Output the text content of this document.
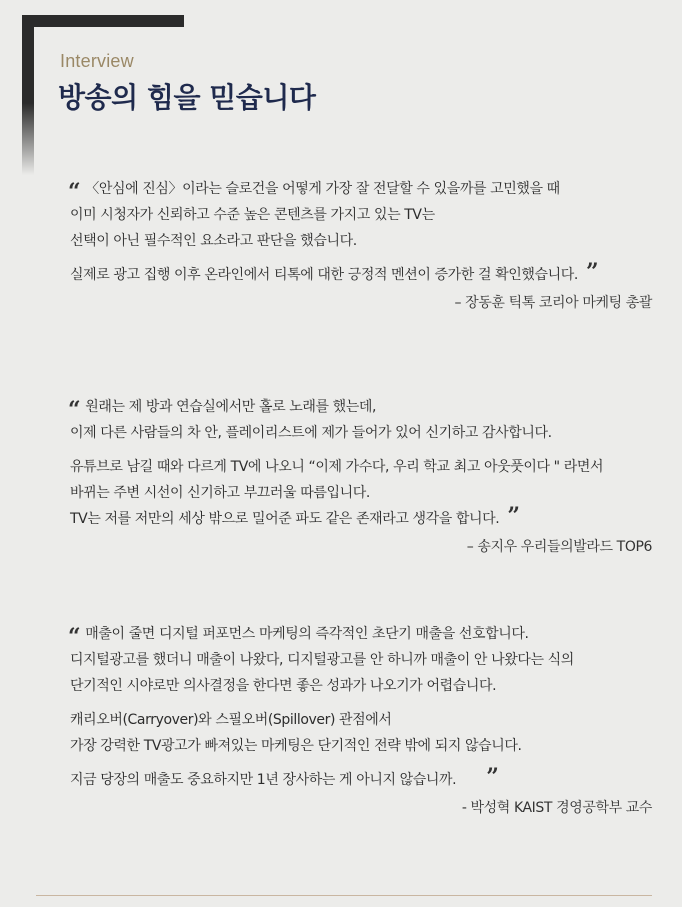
Interview
방송의 힘을 믿습니다
“ 〈안심에 진심〉이라는 슬로건을 어떻게 가장 잘 전달할 수 있을까를 고민했을 때
이미 시청자가 신뢰하고 수준 높은 콘텐츠를 가지고 있는 TV는
선택이 아닌 필수적인 요소라고 판단을 했습니다.
실제로 광고 집행 이후 온라인에서 티톡에 대한 긍정적 멘션이 증가한 걸 확인했습니다. ”
– 장동훈 틱톡 코리아 마케팅 총괄
“ 원래는 제 방과 연습실에서만 홀로 노래를 했는데,
이제 다른 사람들의 차 안, 플레이리스트에 제가 들어가 있어 신기하고 감사합니다.
유튜브로 남길 때와 다르게 TV에 나오니 “이제 가수다, 우리 학교 최고 아웃풋이다 " 라면서
바뀌는 주변 시선이 신기하고 부끄러울 따름입니다.
TV는 저를 저만의 세상 밖으로 밀어준 파도 같은 존재라고 생각을 합니다. ”
– 송지우 우리들의발라드 TOP6
“ 매출이 줄면 디지털 퍼포먼스 마케팅의 즉각적인 초단기 매출을 선호합니다.
디지털광고를 했더니 매출이 나왔다, 디지털광고를 안 하니까 매출이 안 나왔다는 식의
단기적인 시야로만 의사결정을 한다면 좋은 성과가 나오기가 어렵습니다.
캐리오버(Carryover)와 스필오버(Spillover) 관점에서
가장 강력한 TV광고가 빠져있는 마케팅은 단기적인 전략 밖에 되지 않습니다.
지금 당장의 매출도 중요하지만 1년 장사하는 게 아니지 않습니까. ”
- 박성혁 KAIST 경영공학부 교수
